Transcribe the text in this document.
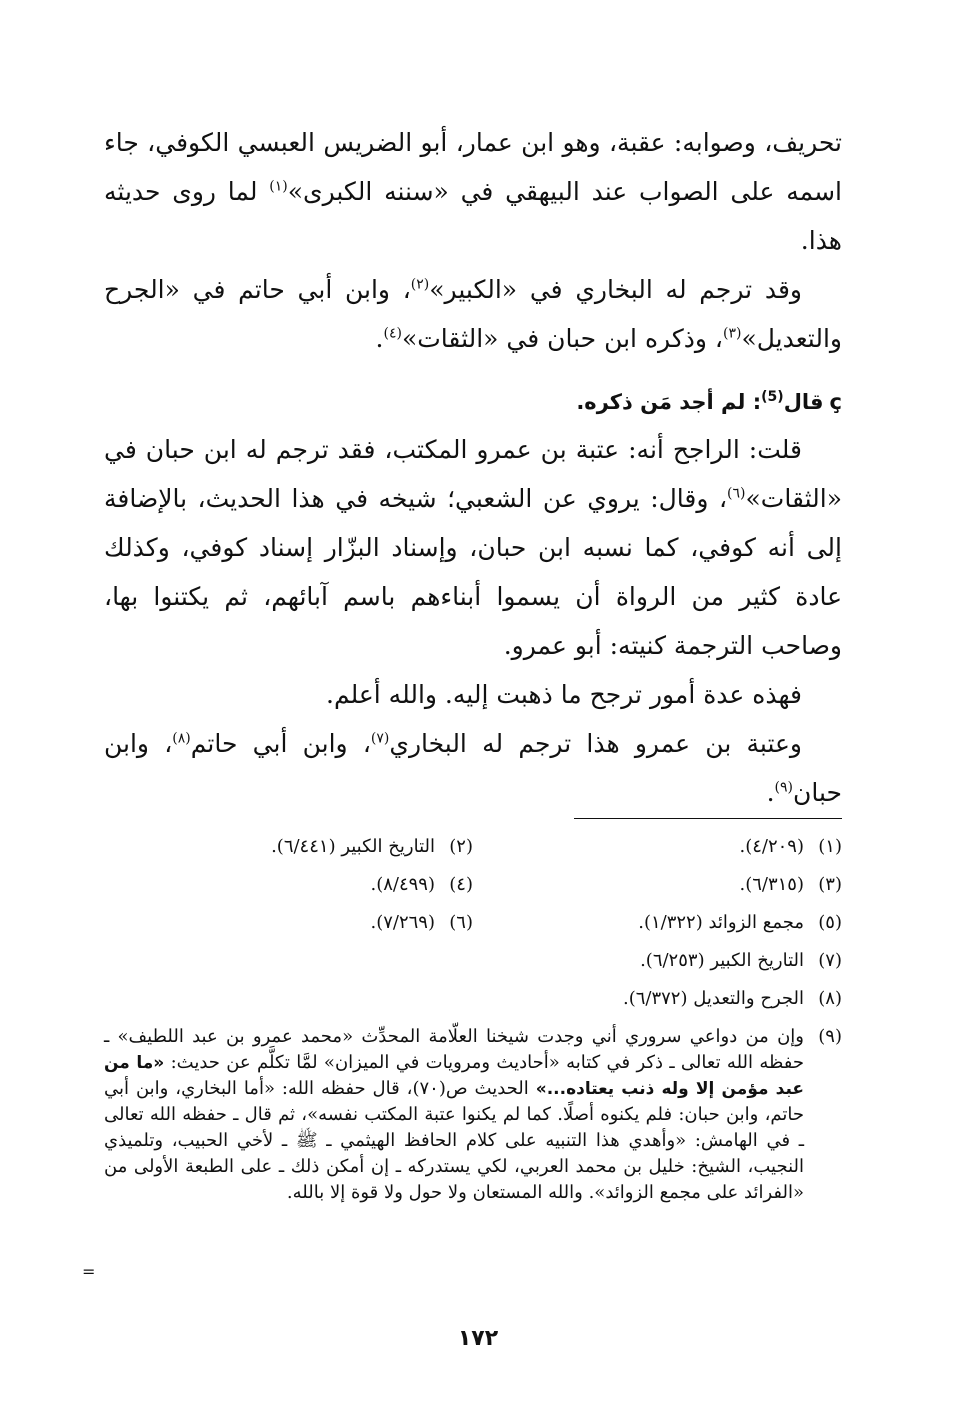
تحريف، وصوابه: عقبة، وهو ابن عمار، أبو الضريس العبسي الكوفي، جاء اسمه على الصواب عند البيهقي في «سننه الكبرى»$^{(١)}$ لما روى حديثه هذا.

وقد ترجم له البخاري في «الكبير»$^{(٢)}$، وابن أبي حاتم في «الجرح والتعديل»$^{(٣)}$، وذكره ابن حبان في «الثقات»$^{(٤)}$.

çقال$^{(5)}$: لم أجد مَن ذكره.

قلت: الراجح أنه: عتبة بن عمرو المكتب، فقد ترجم له ابن حبان في «الثقات»$^{(٦)}$، وقال: يروي عن الشعبي؛ شيخه في هذا الحديث، بالإضافة إلى أنه كوفي، كما نسبه ابن حبان، وإسناد البزّار إسناد كوفي، وكذلك عادة كثير من الرواة أن يسموا أبناءهم باسم آبائهم، ثم يكتنوا بها، وصاحب الترجمة كنيته: أبو عمرو.

فهذه عدة أمور ترجح ما ذهبت إليه. والله أعلم.

وعتبة بن عمرو هذا ترجم له البخاري$^{(٧)}$، وابن أبي حاتم$^{(٨)}$، وابن حبان$^{(٩)}$.

(١)(٤/٢٠٩).
(٢)التاريخ الكبير (٦/٤٤١).
(٣)(٦/٣١٥).
(٤)(٨/٤٩٩).
(٥)مجمع الزوائد (١/٣٢٢).
(٦)(٧/٢٦٩).
(٧)التاريخ الكبير (٦/٢٥٣).
(٨)الجرح والتعديل (٦/٣٧٢).
(٩)
وإن من دواعي سروري أني وجدت شيخنا العلّامة المحدِّث «محمد عمرو بن عبد اللطيف» ـ حفظه الله تعالى ـ ذكر في كتابه «أحاديث ومرويات في الميزان» لمَّا تكلَّم عن حديث: «ما من عبد مؤمن إلا وله ذنب يعتاده...» الحديث ص(٧٠)، قال حفظه الله: «أما البخاري، وابن أبي حاتم، وابن حبان: فلم يكنوه أصلًا. كما لم يكنوا عتبة المكتب نفسه»، ثم قال ـ حفظه الله تعالى ـ في الهامش: «وأهدي هذا التنبيه على كلام الحافظ الهيثمي ـ ﷺ ـ لأخي الحبيب، وتلميذي النجيب، الشيخ: خليل بن محمد العربي، لكي يستدركه ـ إن أمكن ذلك ـ على الطبعة الأولى من «الفرائد على مجمع الزوائد». والله المستعان ولا حول ولا قوة إلا بالله.
=
١٧٢
